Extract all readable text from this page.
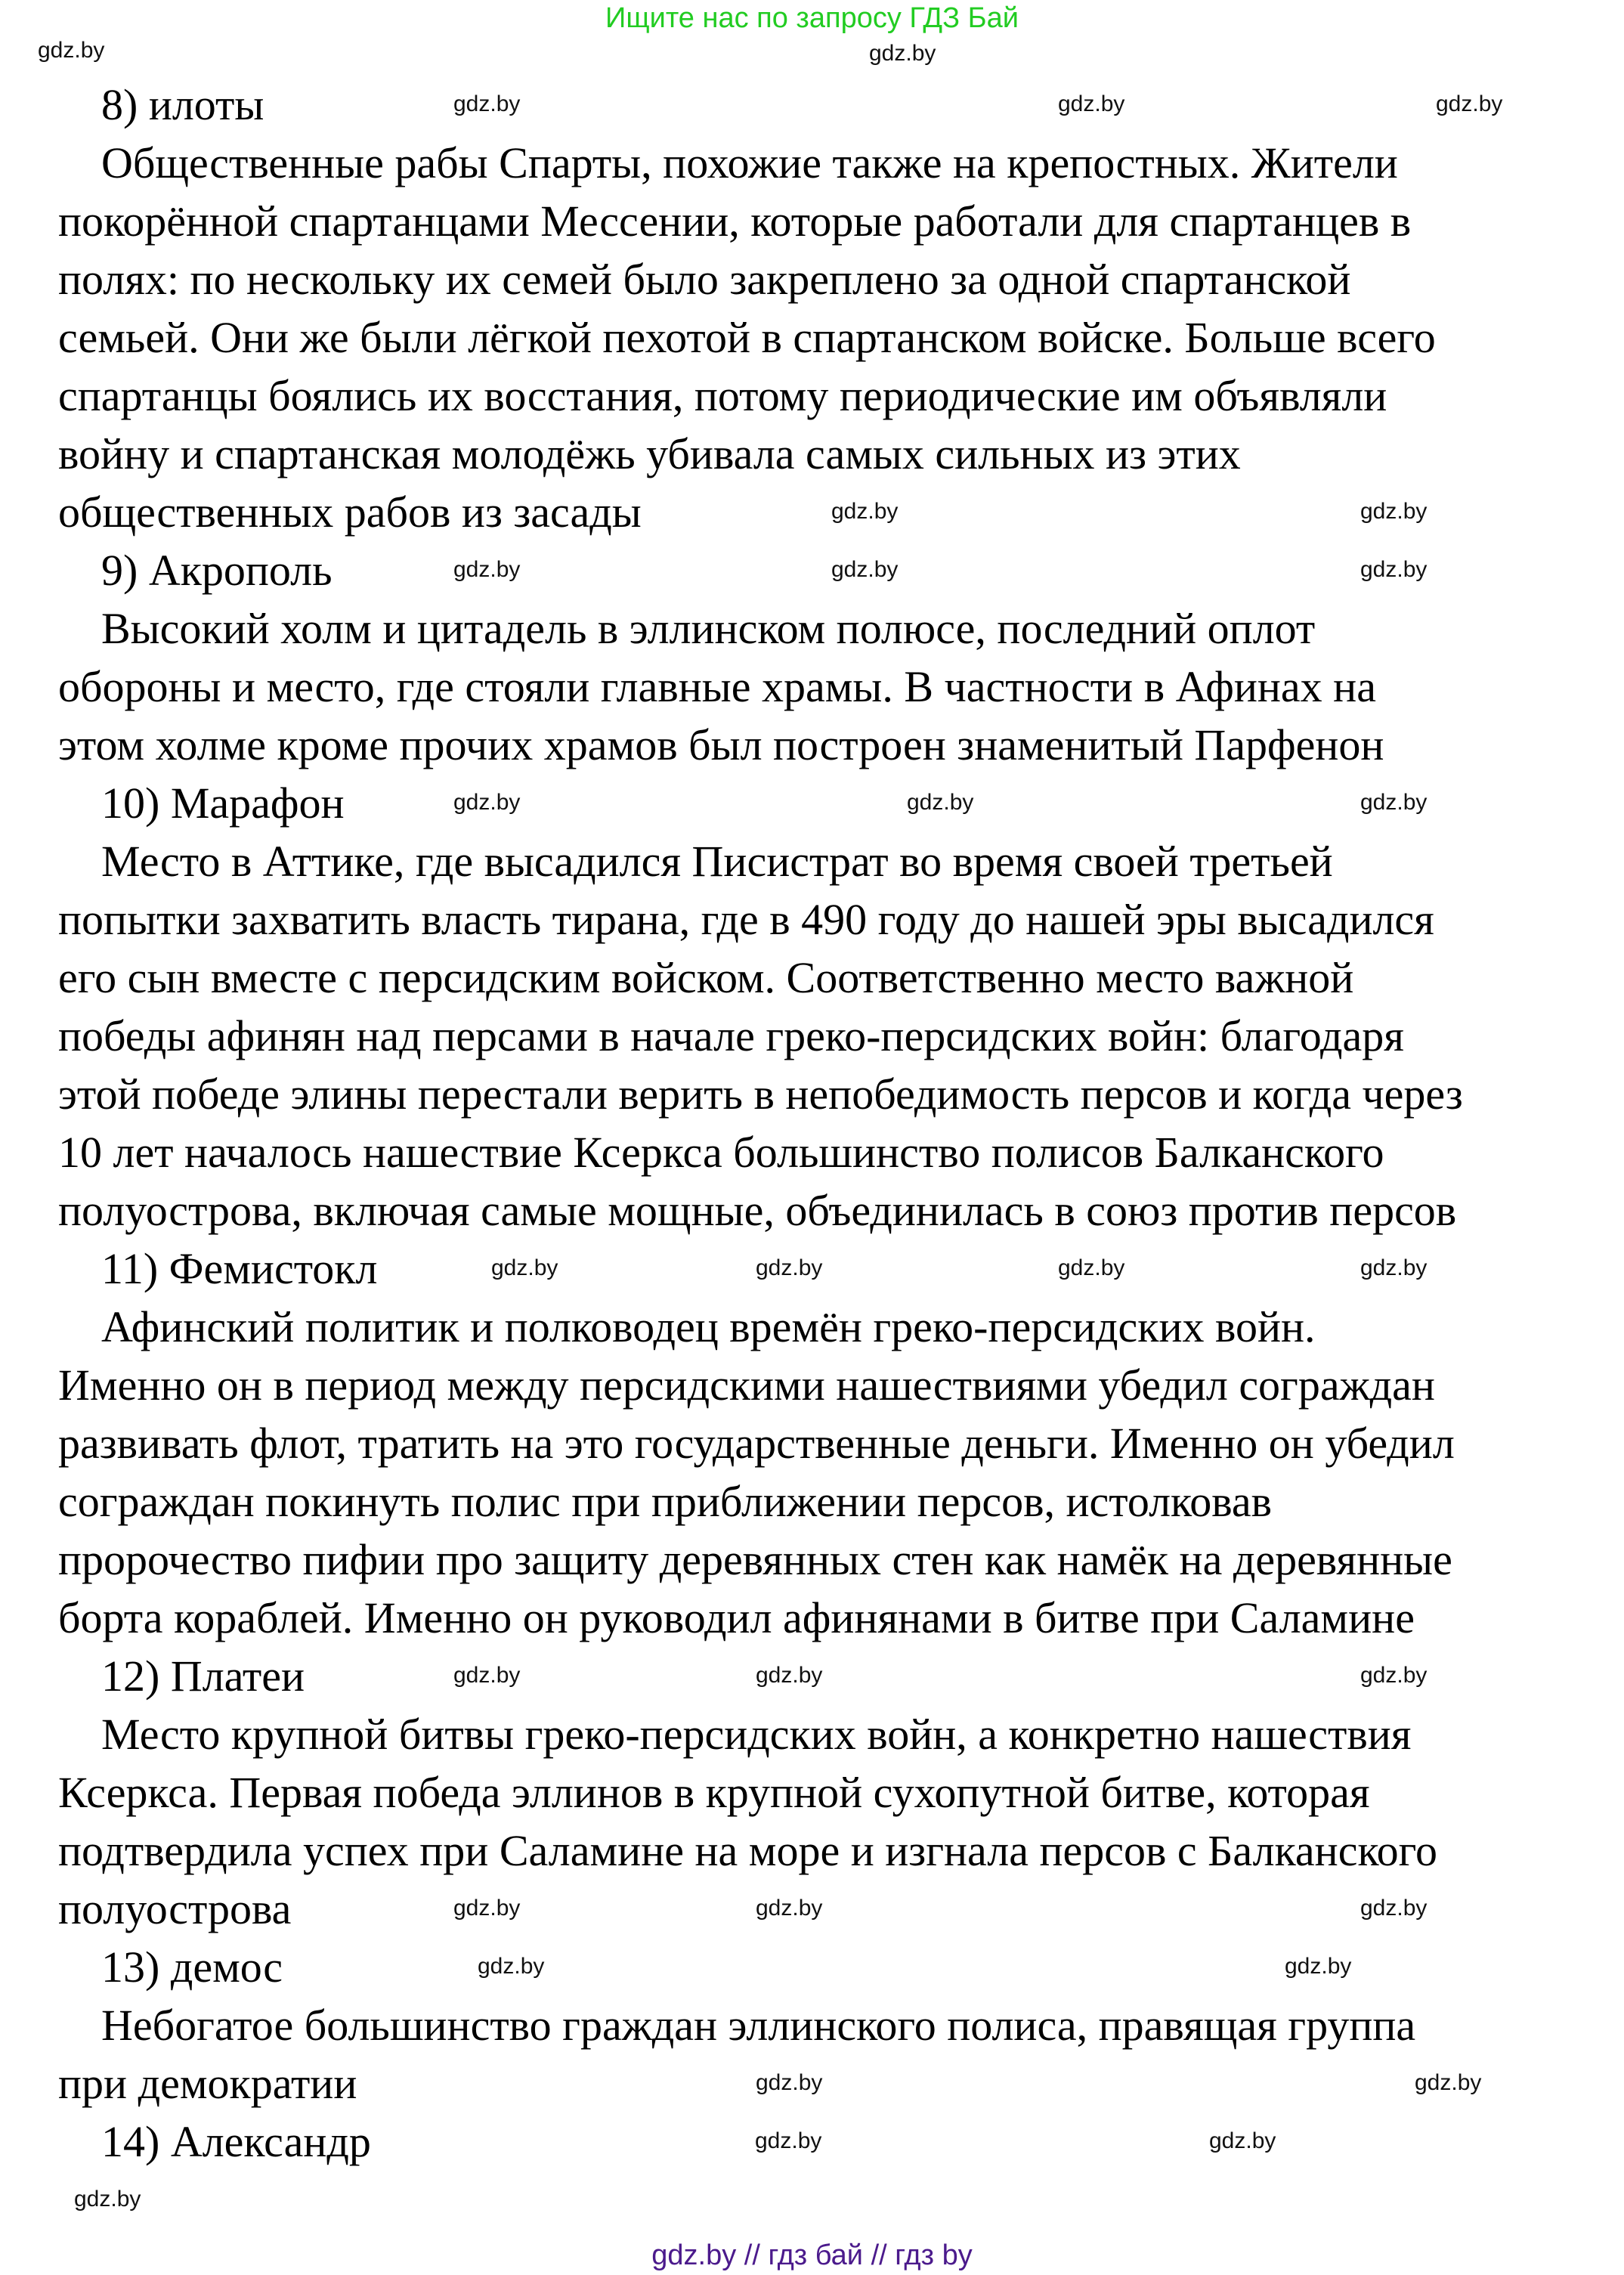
Ищите нас по запросу ГДЗ Бай
8) илоты
Общественные рабы Спарты, похожие также на крепостных. Жители
покорённой спартанцами Мессении, которые работали для спартанцев в
полях: по нескольку их семей было закреплено за одной спартанской
семьей. Они же были лёгкой пехотой в спартанском войске. Больше всего
спартанцы боялись их восстания, потому периодические им объявляли
войну и спартанская молодёжь убивала самых сильных из этих
общественных рабов из засады
9) Акрополь
Высокий холм и цитадель в эллинском полюсе, последний оплот
обороны и место, где стояли главные храмы. В частности в Афинах на
этом холме кроме прочих храмов был построен знаменитый Парфенон
10) Марафон
Место в Аттике, где высадился Писистрат во время своей третьей
попытки захватить власть тирана, где в 490 году до нашей эры высадился
его сын вместе с персидским войском. Соответственно место важной
победы афинян над персами в начале греко-персидских войн: благодаря
этой победе элины перестали верить в непобедимость персов и когда через
10 лет началось нашествие Ксеркса большинство полисов Балканского
полуострова, включая самые мощные, объединилась в союз против персов
11) Фемистокл
Афинский политик и полководец времён греко-персидских войн.
Именно он в период между персидскими нашествиями убедил сограждан
развивать флот, тратить на это государственные деньги. Именно он убедил
сограждан покинуть полис при приближении персов, истолковав
пророчество пифии про защиту деревянных стен как намёк на деревянные
борта кораблей. Именно он руководил афинянами в битве при Саламине
12) Платеи
Место крупной битвы греко-персидских войн, а конкретно нашествия
Ксеркса. Первая победа эллинов в крупной сухопутной битве, которая
подтвердила успех при Саламине на море и изгнала персов с Балканского
полуострова
13) демос
Небогатое большинство граждан эллинского полиса, правящая группа
при демократии
14) Александр
gdz.by	gdz.by
gdz.by	gdz.by	gdz.by
gdz.by	gdz.by
gdz.by	gdz.by	gdz.by
gdz.by	gdz.by	gdz.by
gdz.by	gdz.by	gdz.by	gdz.by
gdz.by	gdz.by	gdz.by
gdz.by	gdz.by	gdz.by
gdz.by	gdz.by
gdz.by	gdz.by
gdz.by	gdz.by
gdz.by
gdz.by // гдз бай // гдз by
